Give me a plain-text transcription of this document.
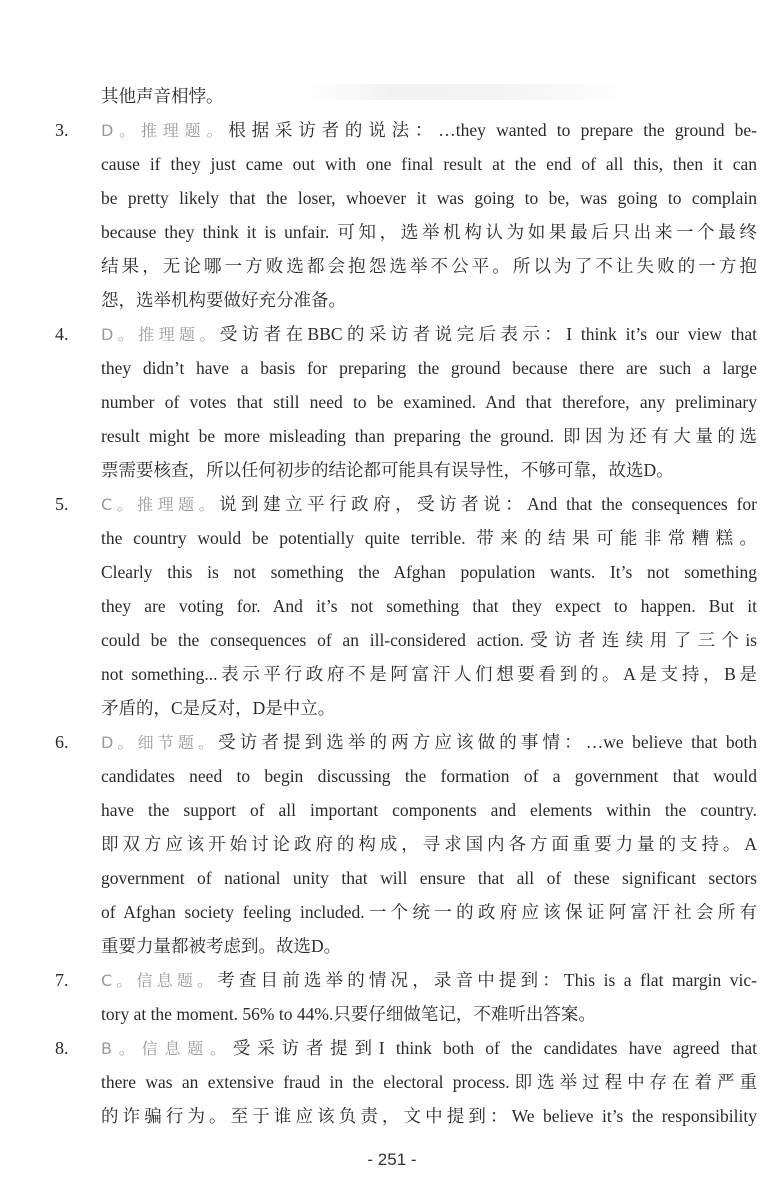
其他声音相悖。
3.	D。推理题。根据采访者的说法：…they wanted to prepare the ground be-
cause if they just came out with one final result at the end of all this, then it can
be pretty likely that the loser, whoever it was going to be, was going to complain
because they think it is unfair. 可知，选举机构认为如果最后只出来一个最终
结果，无论哪一方败选都会抱怨选举不公平。所以为了不让失败的一方抱
怨，选举机构要做好充分准备。
4.	D。推理题。受访者在BBC的采访者说完后表示：I think it’s our view that
they didn’t have a basis for preparing the ground because there are such a large
number of votes that still need to be examined. And that therefore, any preliminary
result might be more misleading than preparing the ground. 即因为还有大量的选
票需要核查，所以任何初步的结论都可能具有误导性，不够可靠，故选D。
5.	C。推理题。说到建立平行政府，受访者说：And that the consequences for
the country would be potentially quite terrible. 带来的结果可能非常糟糕。
Clearly this is not something the Afghan population wants. It’s not something
they are voting for. And it’s not something that they expect to happen. But it
could be the consequences of an ill-considered action.受访者连续用了三个is
not something...表示平行政府不是阿富汗人们想要看到的。A是支持，B是
矛盾的，C是反对，D是中立。
6.	D。细节题。受访者提到选举的两方应该做的事情：…we believe that both
candidates need to begin discussing the formation of a government that would
have the support of all important components and elements within the country.
即双方应该开始讨论政府的构成，寻求国内各方面重要力量的支持。A
government of national unity that will ensure that all of these significant sectors
of Afghan society feeling included.一个统一的政府应该保证阿富汗社会所有
重要力量都被考虑到。故选D。
7.	C。信息题。考查目前选举的情况，录音中提到：This is a flat margin vic-
tory at the moment. 56% to 44%.只要仔细做笔记，不难听出答案。
8.	B。信息题。受采访者提到I think both of the candidates have agreed that
there was an extensive fraud in the electoral process.即选举过程中存在着严重
的诈骗行为。至于谁应该负责，文中提到：We believe it’s the responsibility
- 251 -
